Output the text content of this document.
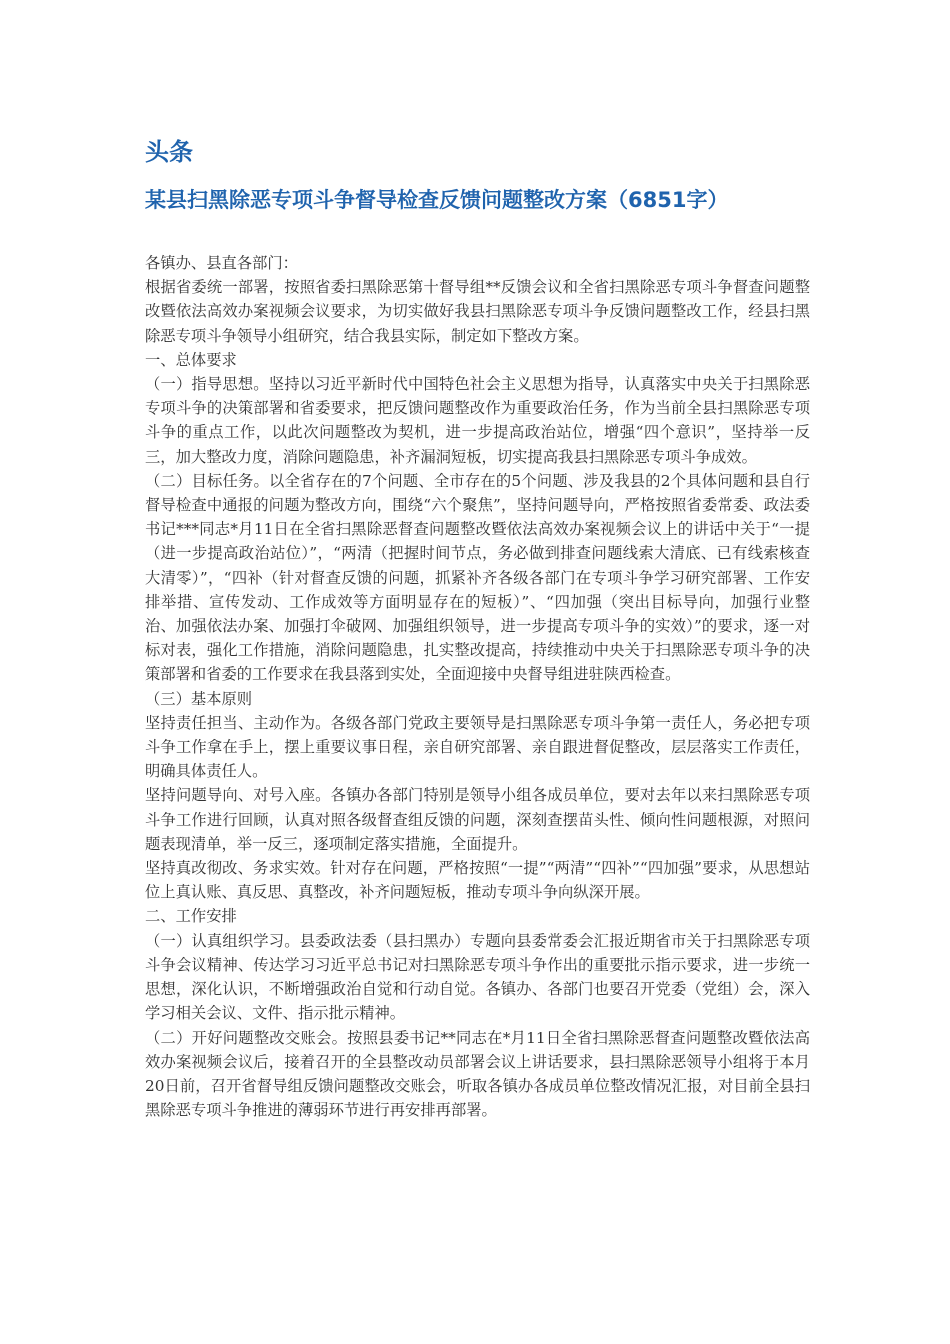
头条
某县扫黑除恶专项斗争督导检查反馈问题整改方案（6851字）

各镇办、县直各部门：

根据省委统一部署，按照省委扫黑除恶第十督导组**反馈会议和全省扫黑除恶专项斗争督查问题整改暨依法高效办案视频会议要求，为切实做好我县扫黑除恶专项斗争反馈问题整改工作，经县扫黑除恶专项斗争领导小组研究，结合我县实际，制定如下整改方案。

一、总体要求

（一）指导思想。坚持以习近平新时代中国特色社会主义思想为指导，认真落实中央关于扫黑除恶专项斗争的决策部署和省委要求，把反馈问题整改作为重要政治任务，作为当前全县扫黑除恶专项斗争的重点工作，以此次问题整改为契机，进一步提高政治站位，增强“四个意识”，坚持举一反三，加大整改力度，消除问题隐患，补齐漏洞短板，切实提高我县扫黑除恶专项斗争成效。

（二）目标任务。以全省存在的7个问题、全市存在的5个问题、涉及我县的2个具体问题和县自行督导检查中通报的问题为整改方向，围绕“六个聚焦”，坚持问题导向，严格按照省委常委、政法委书记***同志*月11日在全省扫黑除恶督查问题整改暨依法高效办案视频会议上的讲话中关于“一提（进一步提高政治站位）”，“两清（把握时间节点，务必做到排查问题线索大清底、已有线索核查大清零）”，“四补（针对督查反馈的问题，抓紧补齐各级各部门在专项斗争学习研究部署、工作安排举措、宣传发动、工作成效等方面明显存在的短板）”、“四加强（突出目标导向，加强行业整治、加强依法办案、加强打伞破网、加强组织领导，进一步提高专项斗争的实效）”的要求，逐一对标对表，强化工作措施，消除问题隐患，扎实整改提高，持续推动中央关于扫黑除恶专项斗争的决策部署和省委的工作要求在我县落到实处，全面迎接中央督导组进驻陕西检查。

（三）基本原则

坚持责任担当、主动作为。各级各部门党政主要领导是扫黑除恶专项斗争第一责任人，务必把专项斗争工作拿在手上，摆上重要议事日程，亲自研究部署、亲自跟进督促整改，层层落实工作责任，明确具体责任人。

坚持问题导向、对号入座。各镇办各部门特别是领导小组各成员单位，要对去年以来扫黑除恶专项斗争工作进行回顾，认真对照各级督查组反馈的问题，深刻查摆苗头性、倾向性问题根源，对照问题表现清单，举一反三，逐项制定落实措施，全面提升。

坚持真改彻改、务求实效。针对存在问题，严格按照“一提”“两清”“四补”“四加强”要求，从思想站位上真认账、真反思、真整改，补齐问题短板，推动专项斗争向纵深开展。

二、工作安排

（一）认真组织学习。县委政法委（县扫黑办）专题向县委常委会汇报近期省市关于扫黑除恶专项斗争会议精神、传达学习习近平总书记对扫黑除恶专项斗争作出的重要批示指示要求，进一步统一思想，深化认识，不断增强政治自觉和行动自觉。各镇办、各部门也要召开党委（党组）会，深入学习相关会议、文件、指示批示精神。

（二）开好问题整改交账会。按照县委书记**同志在*月11日全省扫黑除恶督查问题整改暨依法高效办案视频会议后，接着召开的全县整改动员部署会议上讲话要求，县扫黑除恶领导小组将于本月20日前，召开省督导组反馈问题整改交账会，听取各镇办各成员单位整改情况汇报，对目前全县扫黑除恶专项斗争推进的薄弱环节进行再安排再部署。
